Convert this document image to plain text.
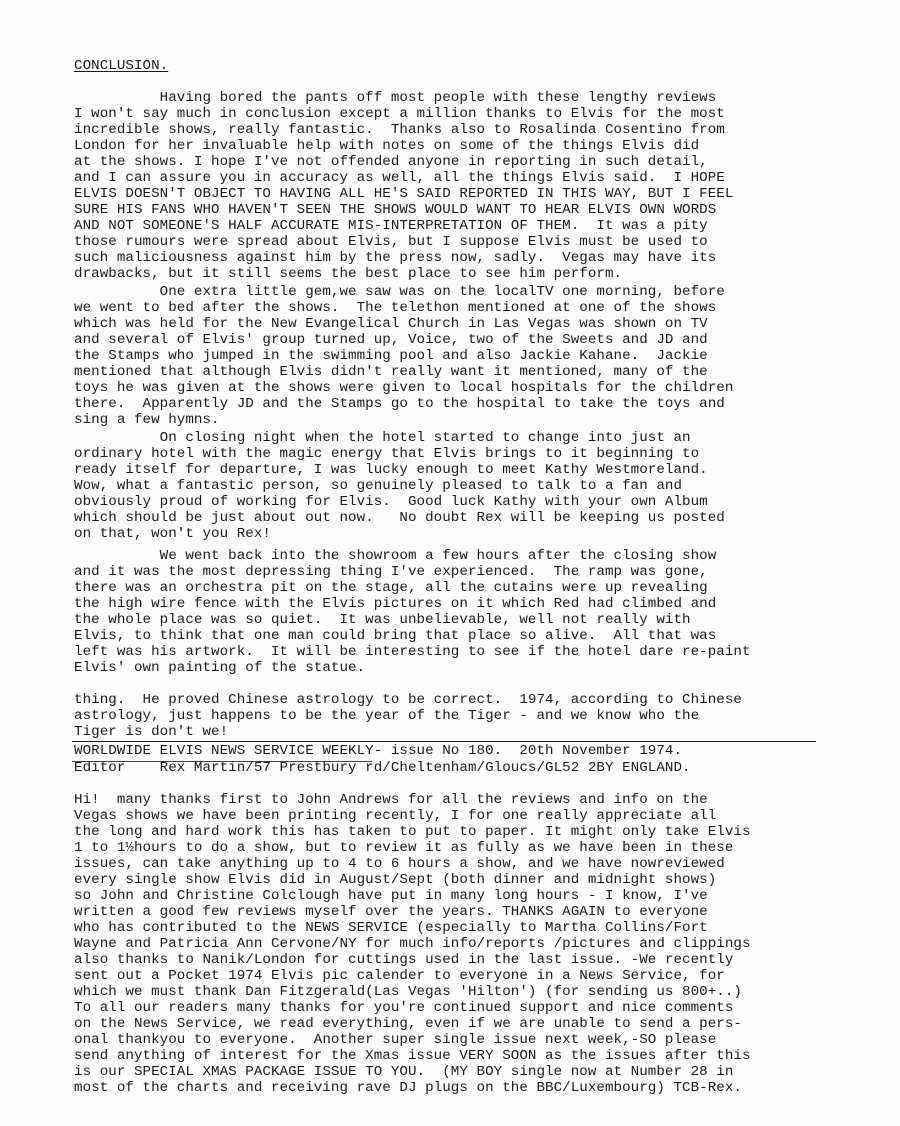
CONCLUSION.
Having bored the pants off most people with these lengthy reviews
I won't say much in conclusion except a million thanks to Elvis for the most
incredible shows, really fantastic.  Thanks also to Rosalinda Cosentino from
London for her invaluable help with notes on some of the things Elvis did
at the shows. I hope I've not offended anyone in reporting in such detail,
and I can assure you in accuracy as well, all the things Elvis said.  I HOPE
ELVIS DOESN'T OBJECT TO HAVING ALL HE'S SAID REPORTED IN THIS WAY, BUT I FEEL
SURE HIS FANS WHO HAVEN'T SEEN THE SHOWS WOULD WANT TO HEAR ELVIS OWN WORDS
AND NOT SOMEONE'S HALF ACCURATE MIS-INTERPRETATION OF THEM.  It was a pity
those rumours were spread about Elvis, but I suppose Elvis must be used to
such maliciousness against him by the press now, sadly.  Vegas may have its
drawbacks, but it still seems the best place to see him perform.
One extra little gem,we saw was on the localTV one morning, before
we went to bed after the shows.  The telethon mentioned at one of the shows
which was held for the New Evangelical Church in Las Vegas was shown on TV
and several of Elvis' group turned up, Voice, two of the Sweets and JD and
the Stamps who jumped in the swimming pool and also Jackie Kahane.  Jackie
mentioned that although Elvis didn't really want it mentioned, many of the
toys he was given at the shows were given to local hospitals for the children
there.  Apparently JD and the Stamps go to the hospital to take the toys and
sing a few hymns.
On closing night when the hotel started to change into just an
ordinary hotel with the magic energy that Elvis brings to it beginning to
ready itself for departure, I was lucky enough to meet Kathy Westmoreland.
Wow, what a fantastic person, so genuinely pleased to talk to a fan and
obviously proud of working for Elvis.  Good luck Kathy with your own Album
which should be just about out now.   No doubt Rex will be keeping us posted
on that, won't you Rex!
We went back into the showroom a few hours after the closing show
and it was the most depressing thing I've experienced.  The ramp was gone,
there was an orchestra pit on the stage, all the cutains were up revealing
the high wire fence with the Elvis pictures on it which Red had climbed and
the whole place was so quiet.  It was unbelievable, well not really with
Elvis, to think that one man could bring that place so alive.  All that was
left was his artwork.  It will be interesting to see if the hotel dare re-paint
Elvis' own painting of the statue.
thing.  He proved Chinese astrology to be correct.  1974, according to Chinese
astrology, just happens to be the year of the Tiger - and we know who the
Tiger is don't we!
WORLDWIDE ELVIS NEWS SERVICE WEEKLY- issue No 180.  20th November 1974.
Editor    Rex Martin/57 Prestbury rd/Cheltenham/Gloucs/GL52 2BY ENGLAND.
Hi!  many thanks first to John Andrews for all the reviews and info on the
Vegas shows we have been printing recently, I for one really appreciate all
the long and hard work this has taken to put to paper. It might only take Elvis
1 to 1½hours to do a show, but to review it as fully as we have been in these
issues, can take anything up to 4 to 6 hours a show, and we have nowreviewed
every single show Elvis did in August/Sept (both dinner and midnight shows)
so John and Christine Colclough have put in many long hours - I know, I've
written a good few reviews myself over the years. THANKS AGAIN to everyone
who has contributed to the NEWS SERVICE (especially to Martha Collins/Fort
Wayne and Patricia Ann Cervone/NY for much info/reports /pictures and clippings
also thanks to Nanik/London for cuttings used in the last issue. -We recently
sent out a Pocket 1974 Elvis pic calender to everyone in a News Service, for
which we must thank Dan Fitzgerald(Las Vegas 'Hilton') (for sending us 800+..)
To all our readers many thanks for you're continued support and nice comments
on the News Service, we read everything, even if we are unable to send a pers-
onal thankyou to everyone.  Another super single issue next week,-SO please
send anything of interest for the Xmas issue VERY SOON as the issues after this
is our SPECIAL XMAS PACKAGE ISSUE TO YOU.  (MY BOY single now at Number 28 in
most of the charts and receiving rave DJ plugs on the BBC/Luxembourg) TCB-Rex.
